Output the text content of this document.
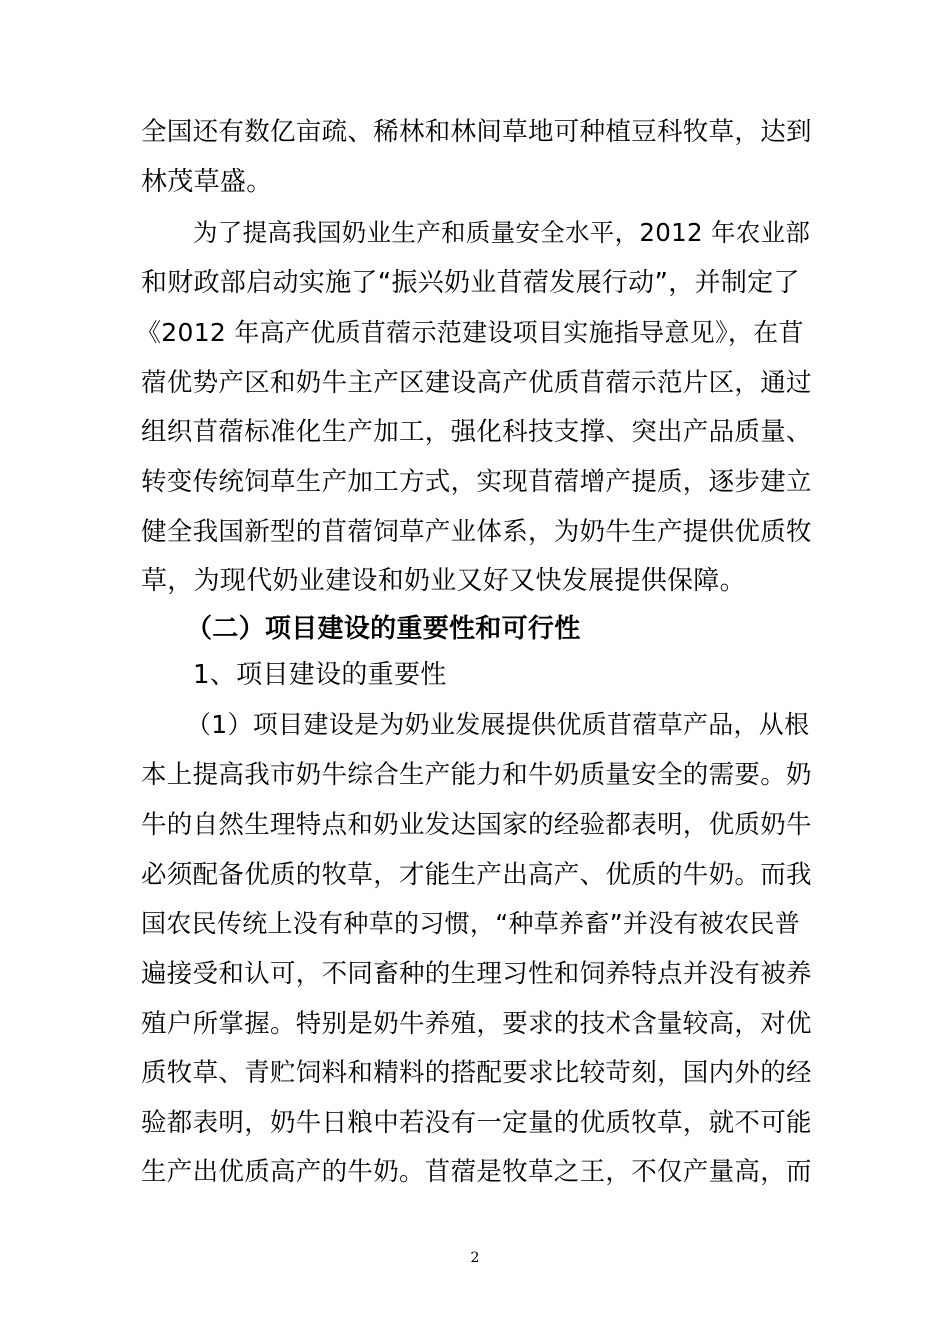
全国还有数亿亩疏、稀林和林间草地可种植豆科牧草，达到
林茂草盛。
为了提高我国奶业生产和质量安全水平，2012 年农业部
和财政部启动实施了“振兴奶业苜蓿发展行动”，并制定了
《2012 年高产优质苜蓿示范建设项目实施指导意见》，在苜
蓿优势产区和奶牛主产区建设高产优质苜蓿示范片区，通过
组织苜蓿标准化生产加工，强化科技支撑、突出产品质量、
转变传统饲草生产加工方式，实现苜蓿增产提质，逐步建立
健全我国新型的苜蓿饲草产业体系，为奶牛生产提供优质牧
草，为现代奶业建设和奶业又好又快发展提供保障。
（二）项目建设的重要性和可行性
1、项目建设的重要性
（1）项目建设是为奶业发展提供优质苜蓿草产品，从根
本上提高我市奶牛综合生产能力和牛奶质量安全的需要。奶
牛的自然生理特点和奶业发达国家的经验都表明，优质奶牛
必须配备优质的牧草，才能生产出高产、优质的牛奶。而我
国农民传统上没有种草的习惯，“种草养畜”并没有被农民普
遍接受和认可，不同畜种的生理习性和饲养特点并没有被养
殖户所掌握。特别是奶牛养殖，要求的技术含量较高，对优
质牧草、青贮饲料和精料的搭配要求比较苛刻，国内外的经
验都表明，奶牛日粮中若没有一定量的优质牧草，就不可能
生产出优质高产的牛奶。苜蓿是牧草之王，不仅产量高，而
2
